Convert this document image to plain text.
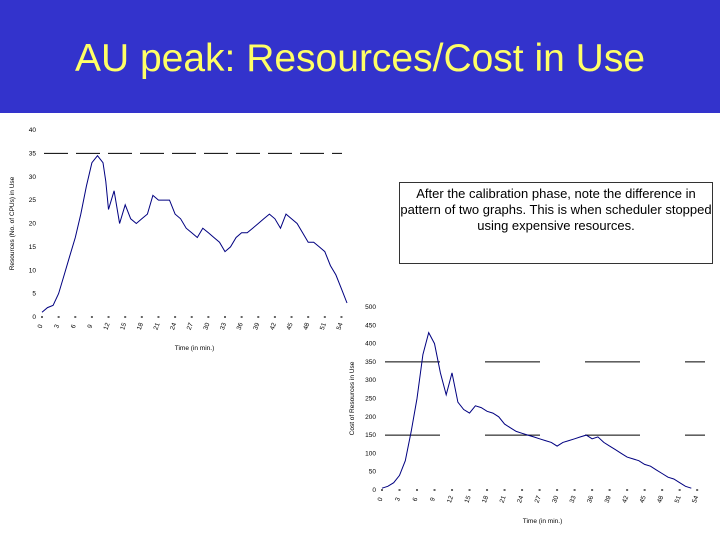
AU peak: Resources/Cost in Use
0
5
10
15
20
25
30
35
40
0 3 6 9 12 15 18 21 24 27 30 33 36 39 42 45 48 51 54
Time (in min.)
Resources (No. of CPUs) in Use
0
50
100
150
200
250
300
350
400
450
500
0 3 6 9 12 15 18 21 24 27 30 33 36 39 42 45 48 51 54
Time (in min.)
Cost of Resources in Use
After the calibration phase, note the difference in pattern of two graphs. This is when scheduler stopped using expensive resources.
